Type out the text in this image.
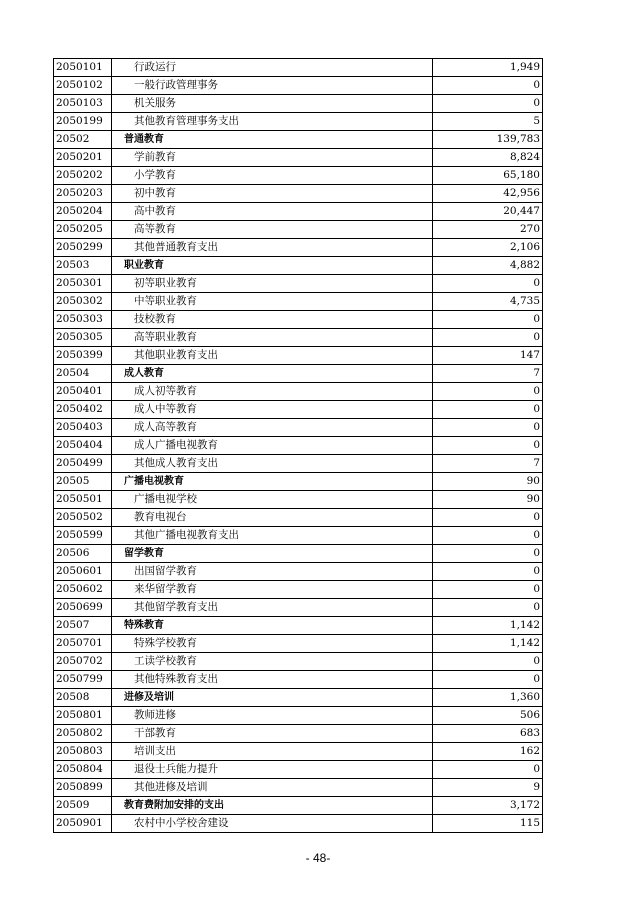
2050101	行政运行	1,949
2050102	一般行政管理事务	0
2050103	机关服务	0
2050199	其他教育管理事务支出	5
20502	普通教育	139,783
2050201	学前教育	8,824
2050202	小学教育	65,180
2050203	初中教育	42,956
2050204	高中教育	20,447
2050205	高等教育	270
2050299	其他普通教育支出	2,106
20503	职业教育	4,882
2050301	初等职业教育	0
2050302	中等职业教育	4,735
2050303	技校教育	0
2050305	高等职业教育	0
2050399	其他职业教育支出	147
20504	成人教育	7
2050401	成人初等教育	0
2050402	成人中等教育	0
2050403	成人高等教育	0
2050404	成人广播电视教育	0
2050499	其他成人教育支出	7
20505	广播电视教育	90
2050501	广播电视学校	90
2050502	教育电视台	0
2050599	其他广播电视教育支出	0
20506	留学教育	0
2050601	出国留学教育	0
2050602	来华留学教育	0
2050699	其他留学教育支出	0
20507	特殊教育	1,142
2050701	特殊学校教育	1,142
2050702	工读学校教育	0
2050799	其他特殊教育支出	0
20508	进修及培训	1,360
2050801	教师进修	506
2050802	干部教育	683
2050803	培训支出	162
2050804	退役士兵能力提升	0
2050899	其他进修及培训	9
20509	教育费附加安排的支出	3,172
2050901	农村中小学校舍建设	115
- 48-
